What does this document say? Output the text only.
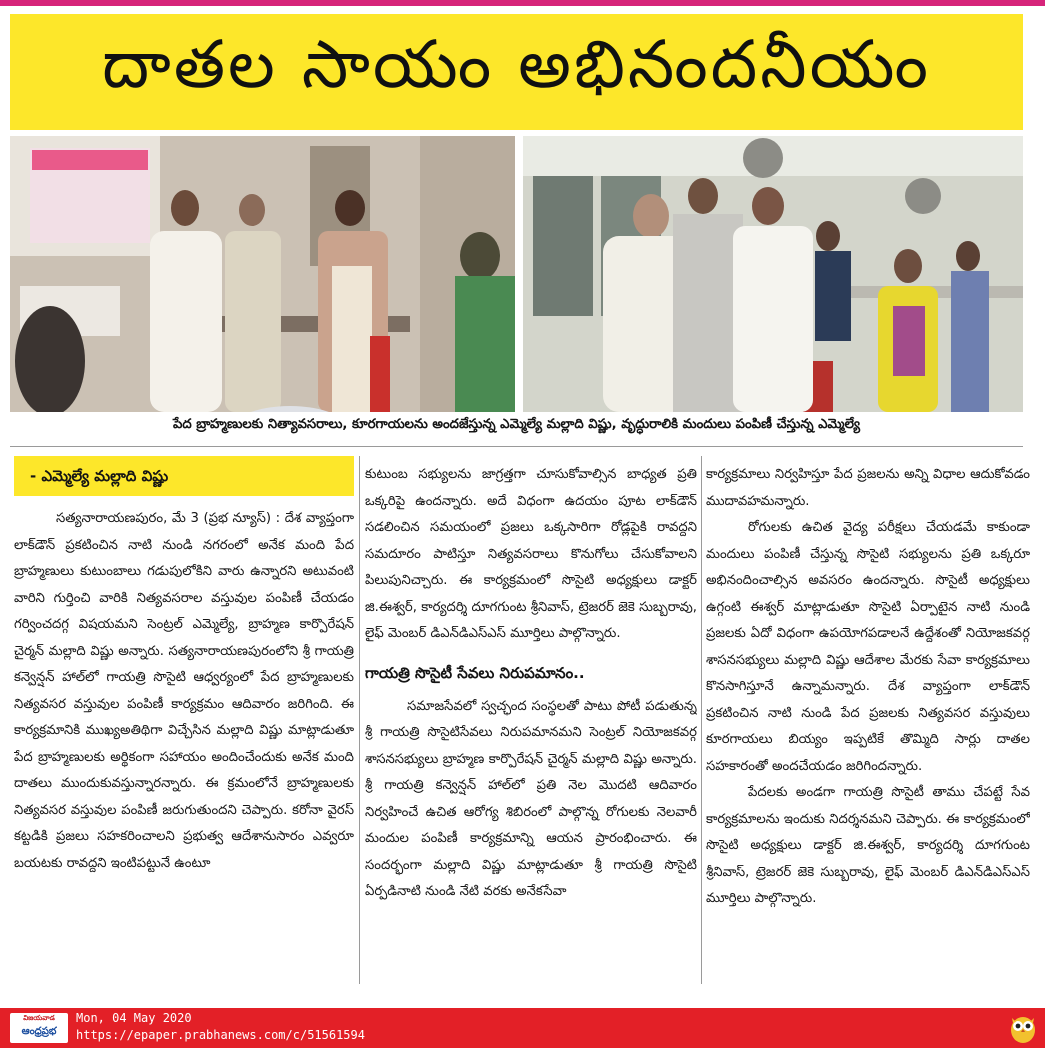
దాతల సాయం అభినందనీయం
పేద బ్రాహ్మణులకు నిత్యావసరాలు, కూరగాయలను అందజేస్తున్న ఎమ్మెల్యే మల్లాది విష్ణు, వృద్ధురాలికి మందులు పంపిణీ చేస్తున్న ఎమ్మెల్యే
- ఎమ్మెల్యే మల్లాది విష్ణు

సత్యనారాయణపురం, మే 3 (ప్రభ న్యూస్) : దేశ వ్యాప్తంగా లాక్‌డౌన్ ప్రకటించిన నాటి నుండి నగరంలో అనేక మంది పేద బ్రాహ్మణులు కుటుంబాలు గడుపులోకిని వారు ఉన్నారని అటువంటి వారిని గుర్తించి వారికి నిత్యవసరాల వస్తువుల పంపిణీ చేయడం గర్వించదగ్గ విషయమని సెంట్రల్ ఎమ్మెల్యే, బ్రాహ్మణ కార్పొరేషన్ చైర్మన్ మల్లాది విష్ణు అన్నారు. సత్యనారాయణపురంలోని శ్రీ గాయత్రి కన్వెన్షన్ హాల్‌లో గాయత్రి సొసైటి ఆధ్వర్యంలో పేద బ్రాహ్మణులకు నిత్యవసర వస్తువుల పంపిణీ కార్యక్రమం ఆదివారం జరిగింది. ఈ కార్యక్రమానికి ముఖ్యఅతిథిగా విచ్చేసిన మల్లాది విష్ణు మాట్లాడుతూ పేద బ్రాహ్మణులకు అర్థికంగా సహాయం అందించేందుకు అనేక మంది దాతలు ముందుకువస్తున్నారన్నారు. ఈ క్రమంలోనే బ్రాహ్మణులకు నిత్యవసర వస్తువుల పంపిణీ జరుగుతుందని చెప్పారు. కరోనా వైరస్ కట్టడికి ప్రజలు సహకరించాలని ప్రభుత్వ ఆదేశానుసారం ఎవ్వరూ బయటకు రావద్దని ఇంటిపట్టునే ఉంటూ

కుటుంబ సభ్యులను జాగ్రత్తగా చూసుకోవాల్సిన బాధ్యత ప్రతి ఒక్కరిపై ఉందన్నారు. అదే విధంగా ఉదయం పూట లాక్‌డౌన్ సడలించిన సమయంలో ప్రజలు ఒక్కసారిగా రోడ్లపైకి రావద్దని సమదూరం పాటిస్తూ నిత్యవసరాలు కొనుగోలు చేసుకోవాలని పిలుపునిచ్చారు. ఈ కార్యక్రమంలో సొసైటి అధ్యక్షులు డాక్టర్ జి.ఈశ్వర్, కార్యదర్శి దూగగుంట శ్రీనివాస్, ట్రెజరర్ జెకె సుబ్బరావు, లైఫ్ మెంబర్ డిఎన్‌డిఎస్‌ఎస్ మూర్తిలు పాల్గొన్నారు.

గాయత్రి సొసైటీ సేవలు నిరుపమానం..

సమాజసేవలో స్వచ్ఛంద సంస్థలతో పాటు పోటీ పడుతున్న శ్రీ గాయత్రి సొసైటిసేవలు నిరుపమానమని సెంట్రల్ నియోజకవర్గ శాసనసభ్యులు బ్రాహ్మణ కార్పొరేషన్ చైర్మన్ మల్లాది విష్ణు అన్నారు. శ్రీ గాయత్రి కన్వెన్షన్ హాల్‌లో ప్రతి నెల మొదటి ఆదివారం నిర్వహించే ఉచిత ఆరోగ్య శిబిరంలో పాల్గొన్న రోగులకు నెలవారీ మందుల పంపిణీ కార్యక్రమాన్ని ఆయన ప్రారంభించారు. ఈ సందర్భంగా మల్లాది విష్ణు మాట్లాడుతూ శ్రీ గాయత్రి సొసైటి ఏర్పడినాటి నుండి నేటి వరకు అనేకసేవా

కార్యక్రమాలు నిర్వహిస్తూ పేద ప్రజలను అన్ని విధాల ఆదుకోవడం ముదావహమన్నారు.

రోగులకు ఉచిత వైద్య పరీక్షలు చేయడమే కాకుండా మందులు పంపిణీ చేస్తున్న సొసైటి సభ్యులను ప్రతి ఒక్కరూ అభినందించాల్సిన అవసరం ఉందన్నారు. సొసైటీ అధ్యక్షులు ఉగ్గంటి ఈశ్వర్ మాట్లాడుతూ సొసైటి ఏర్పాటైన నాటి నుండి ప్రజలకు ఏదో విధంగా ఉపయోగపడాలనే ఉద్దేశంతో నియోజకవర్గ శాసనసభ్యులు మల్లాది విష్ణు ఆదేశాల మేరకు సేవా కార్యక్రమాలు కొనసాగిస్తూనే ఉన్నామన్నారు. దేశ వ్యాప్తంగా లాక్‌డౌన్ ప్రకటించిన నాటి నుండి పేద ప్రజలకు నిత్యవసర వస్తువులు కూరగాయలు బియ్యం ఇప్పటికే తొమ్మిది సార్లు దాతల సహకారంతో అందచేయడం జరిగిందన్నారు.

పేదలకు అండగా గాయత్రి సొసైటీ తాము చేపట్టే సేవ కార్యక్రమాలను ఇందుకు నిదర్శనమని చెప్పారు. ఈ కార్యక్రమంలో సొసైటి అధ్యక్షులు డాక్టర్ జి.ఈశ్వర్, కార్యదర్శి దూగగుంట శ్రీనివాస్, ట్రెజరర్ జెకె సుబ్బరావు, లైఫ్ మెంబర్ డిఎన్‌డిఎస్‌ఎస్ మూర్తిలు పాల్గొన్నారు.

విజయవాడ
ఆంధ్రప్రభ
Mon, 04 May 2020
https://epaper.prabhanews.com/c/51561594
